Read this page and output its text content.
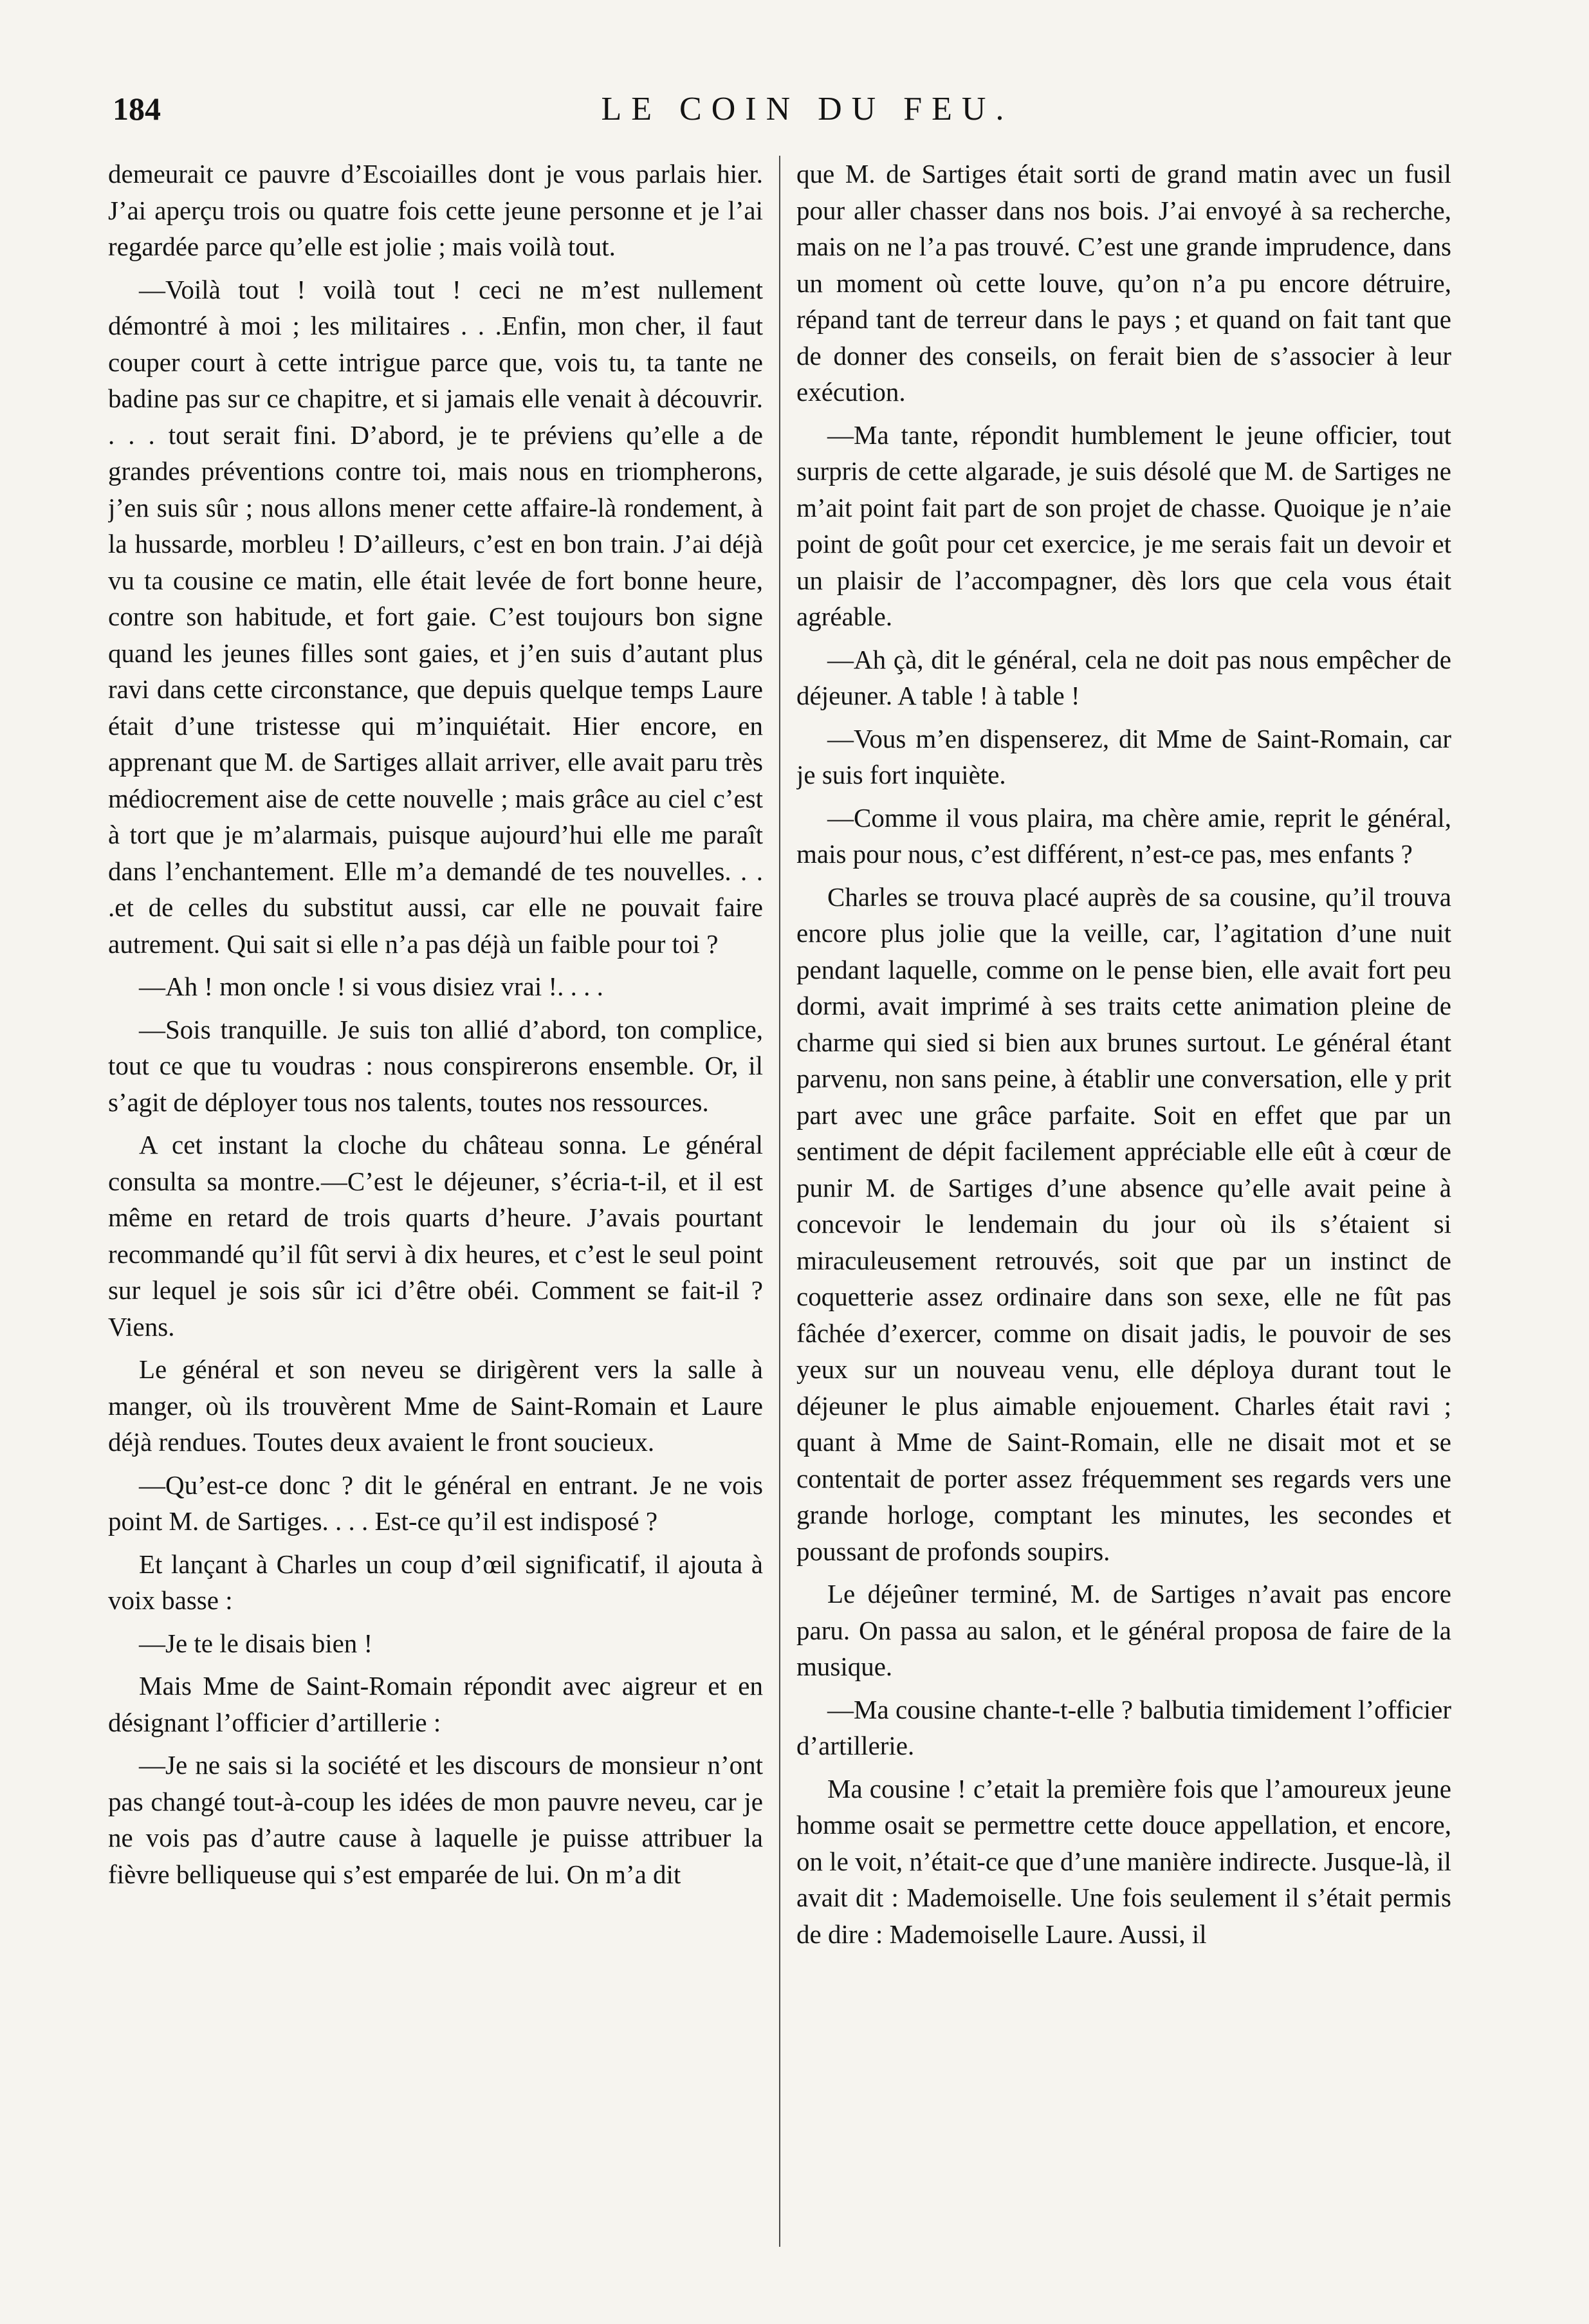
184	LE COIN DU FEU.

demeurait ce pauvre d’Escoiailles dont je vous parlais hier. J’ai aperçu trois ou quatre fois cette jeune personne et je l’ai regardée parce qu’elle est jolie ; mais voilà tout.

—Voilà tout ! voilà tout ! ceci ne m’est nullement démontré à moi ; les militaires . . .Enfin, mon cher, il faut couper court à cette intrigue parce que, vois tu, ta tante ne badine pas sur ce chapitre, et si jamais elle venait à découvrir. . . . tout serait fini. D’abord, je te préviens qu’elle a de grandes préventions contre toi, mais nous en triompherons, j’en suis sûr ; nous allons mener cette affaire-là rondement, à la hussarde, morbleu ! D’ailleurs, c’est en bon train. J’ai déjà vu ta cousine ce matin, elle était levée de fort bonne heure, contre son habitude, et fort gaie. C’est toujours bon signe quand les jeunes filles sont gaies, et j’en suis d’autant plus ravi dans cette circonstance, que depuis quelque temps Laure était d’une tristesse qui m’inquiétait. Hier encore, en apprenant que M. de Sartiges allait arriver, elle avait paru très médiocrement aise de cette nouvelle ; mais grâce au ciel c’est à tort que je m’alarmais, puisque aujourd’hui elle me paraît dans l’enchantement. Elle m’a demandé de tes nouvelles. . . .et de celles du substitut aussi, car elle ne pouvait faire autrement. Qui sait si elle n’a pas déjà un faible pour toi ?

—Ah ! mon oncle ! si vous disiez vrai !. . . .

—Sois tranquille. Je suis ton allié d’abord, ton complice, tout ce que tu voudras : nous conspirerons ensemble. Or, il s’agit de déployer tous nos talents, toutes nos ressources.

A cet instant la cloche du château sonna. Le général consulta sa montre.—C’est le déjeuner, s’écria-t-il, et il est même en retard de trois quarts d’heure. J’avais pourtant recommandé qu’il fût servi à dix heures, et c’est le seul point sur lequel je sois sûr ici d’être obéi. Comment se fait-il ? Viens.

Le général et son neveu se dirigèrent vers la salle à manger, où ils trouvèrent Mme de Saint-Romain et Laure déjà rendues. Toutes deux avaient le front soucieux.

—Qu’est-ce donc ? dit le général en entrant. Je ne vois point M. de Sartiges. . . . Est-ce qu’il est indisposé ?

Et lançant à Charles un coup d’œil significatif, il ajouta à voix basse :

—Je te le disais bien !

Mais Mme de Saint-Romain répondit avec aigreur et en désignant l’officier d’artillerie :

—Je ne sais si la société et les discours de monsieur n’ont pas changé tout-à-coup les idées de mon pauvre neveu, car je ne vois pas d’autre cause à laquelle je puisse attribuer la fièvre belliqueuse qui s’est emparée de lui. On m’a dit

que M. de Sartiges était sorti de grand matin avec un fusil pour aller chasser dans nos bois. J’ai envoyé à sa recherche, mais on ne l’a pas trouvé. C’est une grande imprudence, dans un moment où cette louve, qu’on n’a pu encore détruire, répand tant de terreur dans le pays ; et quand on fait tant que de donner des conseils, on ferait bien de s’associer à leur exécution.

—Ma tante, répondit humblement le jeune officier, tout surpris de cette algarade, je suis désolé que M. de Sartiges ne m’ait point fait part de son projet de chasse. Quoique je n’aie point de goût pour cet exercice, je me serais fait un devoir et un plaisir de l’accompagner, dès lors que cela vous était agréable.

—Ah çà, dit le général, cela ne doit pas nous empêcher de déjeuner. A table ! à table !

—Vous m’en dispenserez, dit Mme de Saint-Romain, car je suis fort inquiète.

—Comme il vous plaira, ma chère amie, reprit le général, mais pour nous, c’est différent, n’est-ce pas, mes enfants ?

Charles se trouva placé auprès de sa cousine, qu’il trouva encore plus jolie que la veille, car, l’agitation d’une nuit pendant laquelle, comme on le pense bien, elle avait fort peu dormi, avait imprimé à ses traits cette animation pleine de charme qui sied si bien aux brunes surtout. Le général étant parvenu, non sans peine, à établir une conversation, elle y prit part avec une grâce parfaite. Soit en effet que par un sentiment de dépit facilement appréciable elle eût à cœur de punir M. de Sartiges d’une absence qu’elle avait peine à concevoir le lendemain du jour où ils s’étaient si miraculeusement retrouvés, soit que par un instinct de coquetterie assez ordinaire dans son sexe, elle ne fût pas fâchée d’exercer, comme on disait jadis, le pouvoir de ses yeux sur un nouveau venu, elle déploya durant tout le déjeuner le plus aimable enjouement. Charles était ravi ; quant à Mme de Saint-Romain, elle ne disait mot et se contentait de porter assez fréquemment ses regards vers une grande horloge, comptant les minutes, les secondes et poussant de profonds soupirs.

Le déjeûner terminé, M. de Sartiges n’avait pas encore paru. On passa au salon, et le général proposa de faire de la musique.

—Ma cousine chante-t-elle ? balbutia timidement l’officier d’artillerie.

Ma cousine ! c’etait la première fois que l’amoureux jeune homme osait se permettre cette douce appellation, et encore, on le voit, n’était-ce que d’une manière indirecte. Jusque-là, il avait dit : Mademoiselle. Une fois seulement il s’était permis de dire : Mademoiselle Laure. Aussi, il
